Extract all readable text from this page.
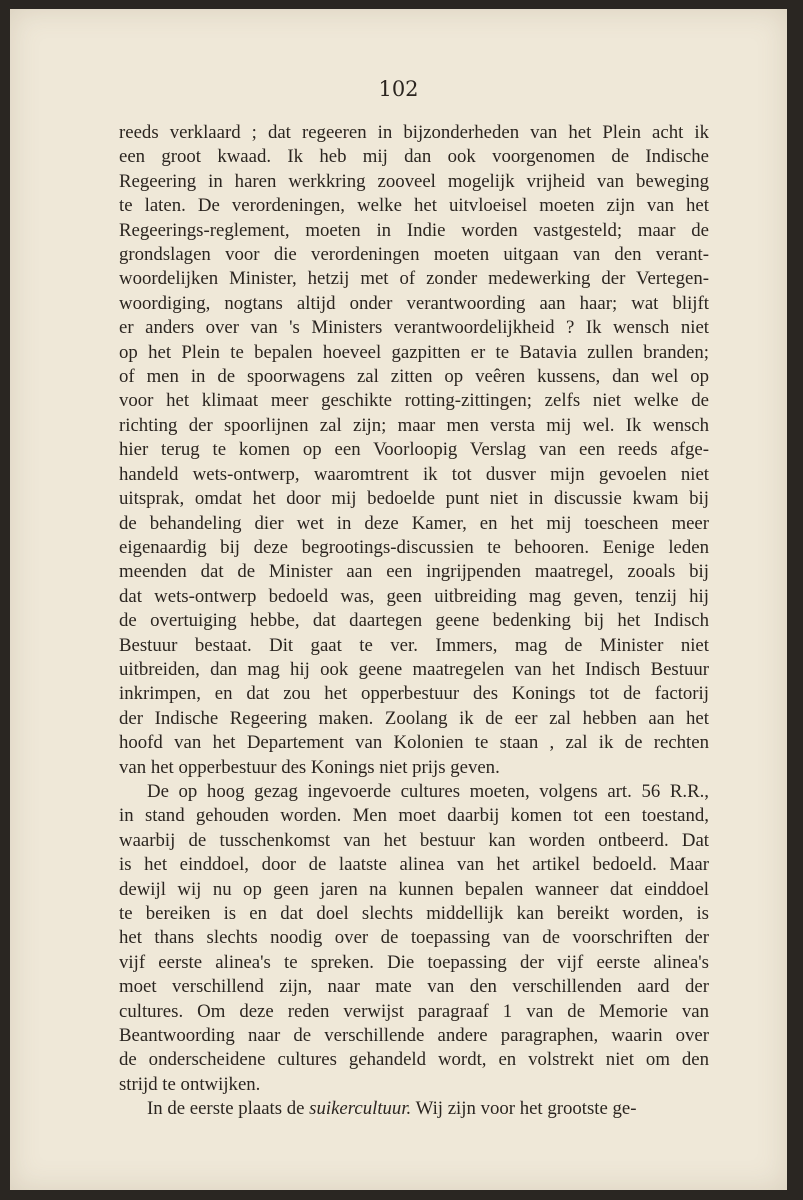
102
reeds verklaard ; dat regeeren in bijzonderheden van het Plein acht ik
een groot kwaad. Ik heb mij dan ook voorgenomen de Indische
Regeering in haren werkkring zooveel mogelijk vrijheid van beweging
te laten. De verordeningen, welke het uitvloeisel moeten zijn van het
Regeerings-reglement, moeten in Indie worden vastgesteld; maar de
grondslagen voor die verordeningen moeten uitgaan van den verant-
woordelijken Minister, hetzij met of zonder medewerking der Vertegen-
woordiging, nogtans altijd onder verantwoording aan haar; wat blijft
er anders over van 's Ministers verantwoordelijkheid ? Ik wensch niet
op het Plein te bepalen hoeveel gazpitten er te Batavia zullen branden;
of men in de spoorwagens zal zitten op veêren kussens, dan wel op
voor het klimaat meer geschikte rotting-zittingen; zelfs niet welke de
richting der spoorlijnen zal zijn; maar men versta mij wel. Ik wensch
hier terug te komen op een Voorloopig Verslag van een reeds afge-
handeld wets-ontwerp, waaromtrent ik tot dusver mijn gevoelen niet
uitsprak, omdat het door mij bedoelde punt niet in discussie kwam bij
de behandeling dier wet in deze Kamer, en het mij toescheen meer
eigenaardig bij deze begrootings-discussien te behooren. Eenige leden
meenden dat de Minister aan een ingrijpenden maatregel, zooals bij
dat wets-ontwerp bedoeld was, geen uitbreiding mag geven, tenzij hij
de overtuiging hebbe, dat daartegen geene bedenking bij het Indisch
Bestuur bestaat. Dit gaat te ver. Immers, mag de Minister niet
uitbreiden, dan mag hij ook geene maatregelen van het Indisch Bestuur
inkrimpen, en dat zou het opperbestuur des Konings tot de factorij
der Indische Regeering maken. Zoolang ik de eer zal hebben aan het
hoofd van het Departement van Kolonien te staan , zal ik de rechten
van het opperbestuur des Konings niet prijs geven.
De op hoog gezag ingevoerde cultures moeten, volgens art. 56 R.R.,
in stand gehouden worden. Men moet daarbij komen tot een toestand,
waarbij de tusschenkomst van het bestuur kan worden ontbeerd. Dat
is het einddoel, door de laatste alinea van het artikel bedoeld. Maar
dewijl wij nu op geen jaren na kunnen bepalen wanneer dat einddoel
te bereiken is en dat doel slechts middellijk kan bereikt worden, is
het thans slechts noodig over de toepassing van de voorschriften der
vijf eerste alinea's te spreken. Die toepassing der vijf eerste alinea's
moet verschillend zijn, naar mate van den verschillenden aard der
cultures. Om deze reden verwijst paragraaf 1 van de Memorie van
Beantwoording naar de verschillende andere paragraphen, waarin over
de onderscheidene cultures gehandeld wordt, en volstrekt niet om den
strijd te ontwijken.
In de eerste plaats de suikercultuur. Wij zijn voor het grootste ge-
